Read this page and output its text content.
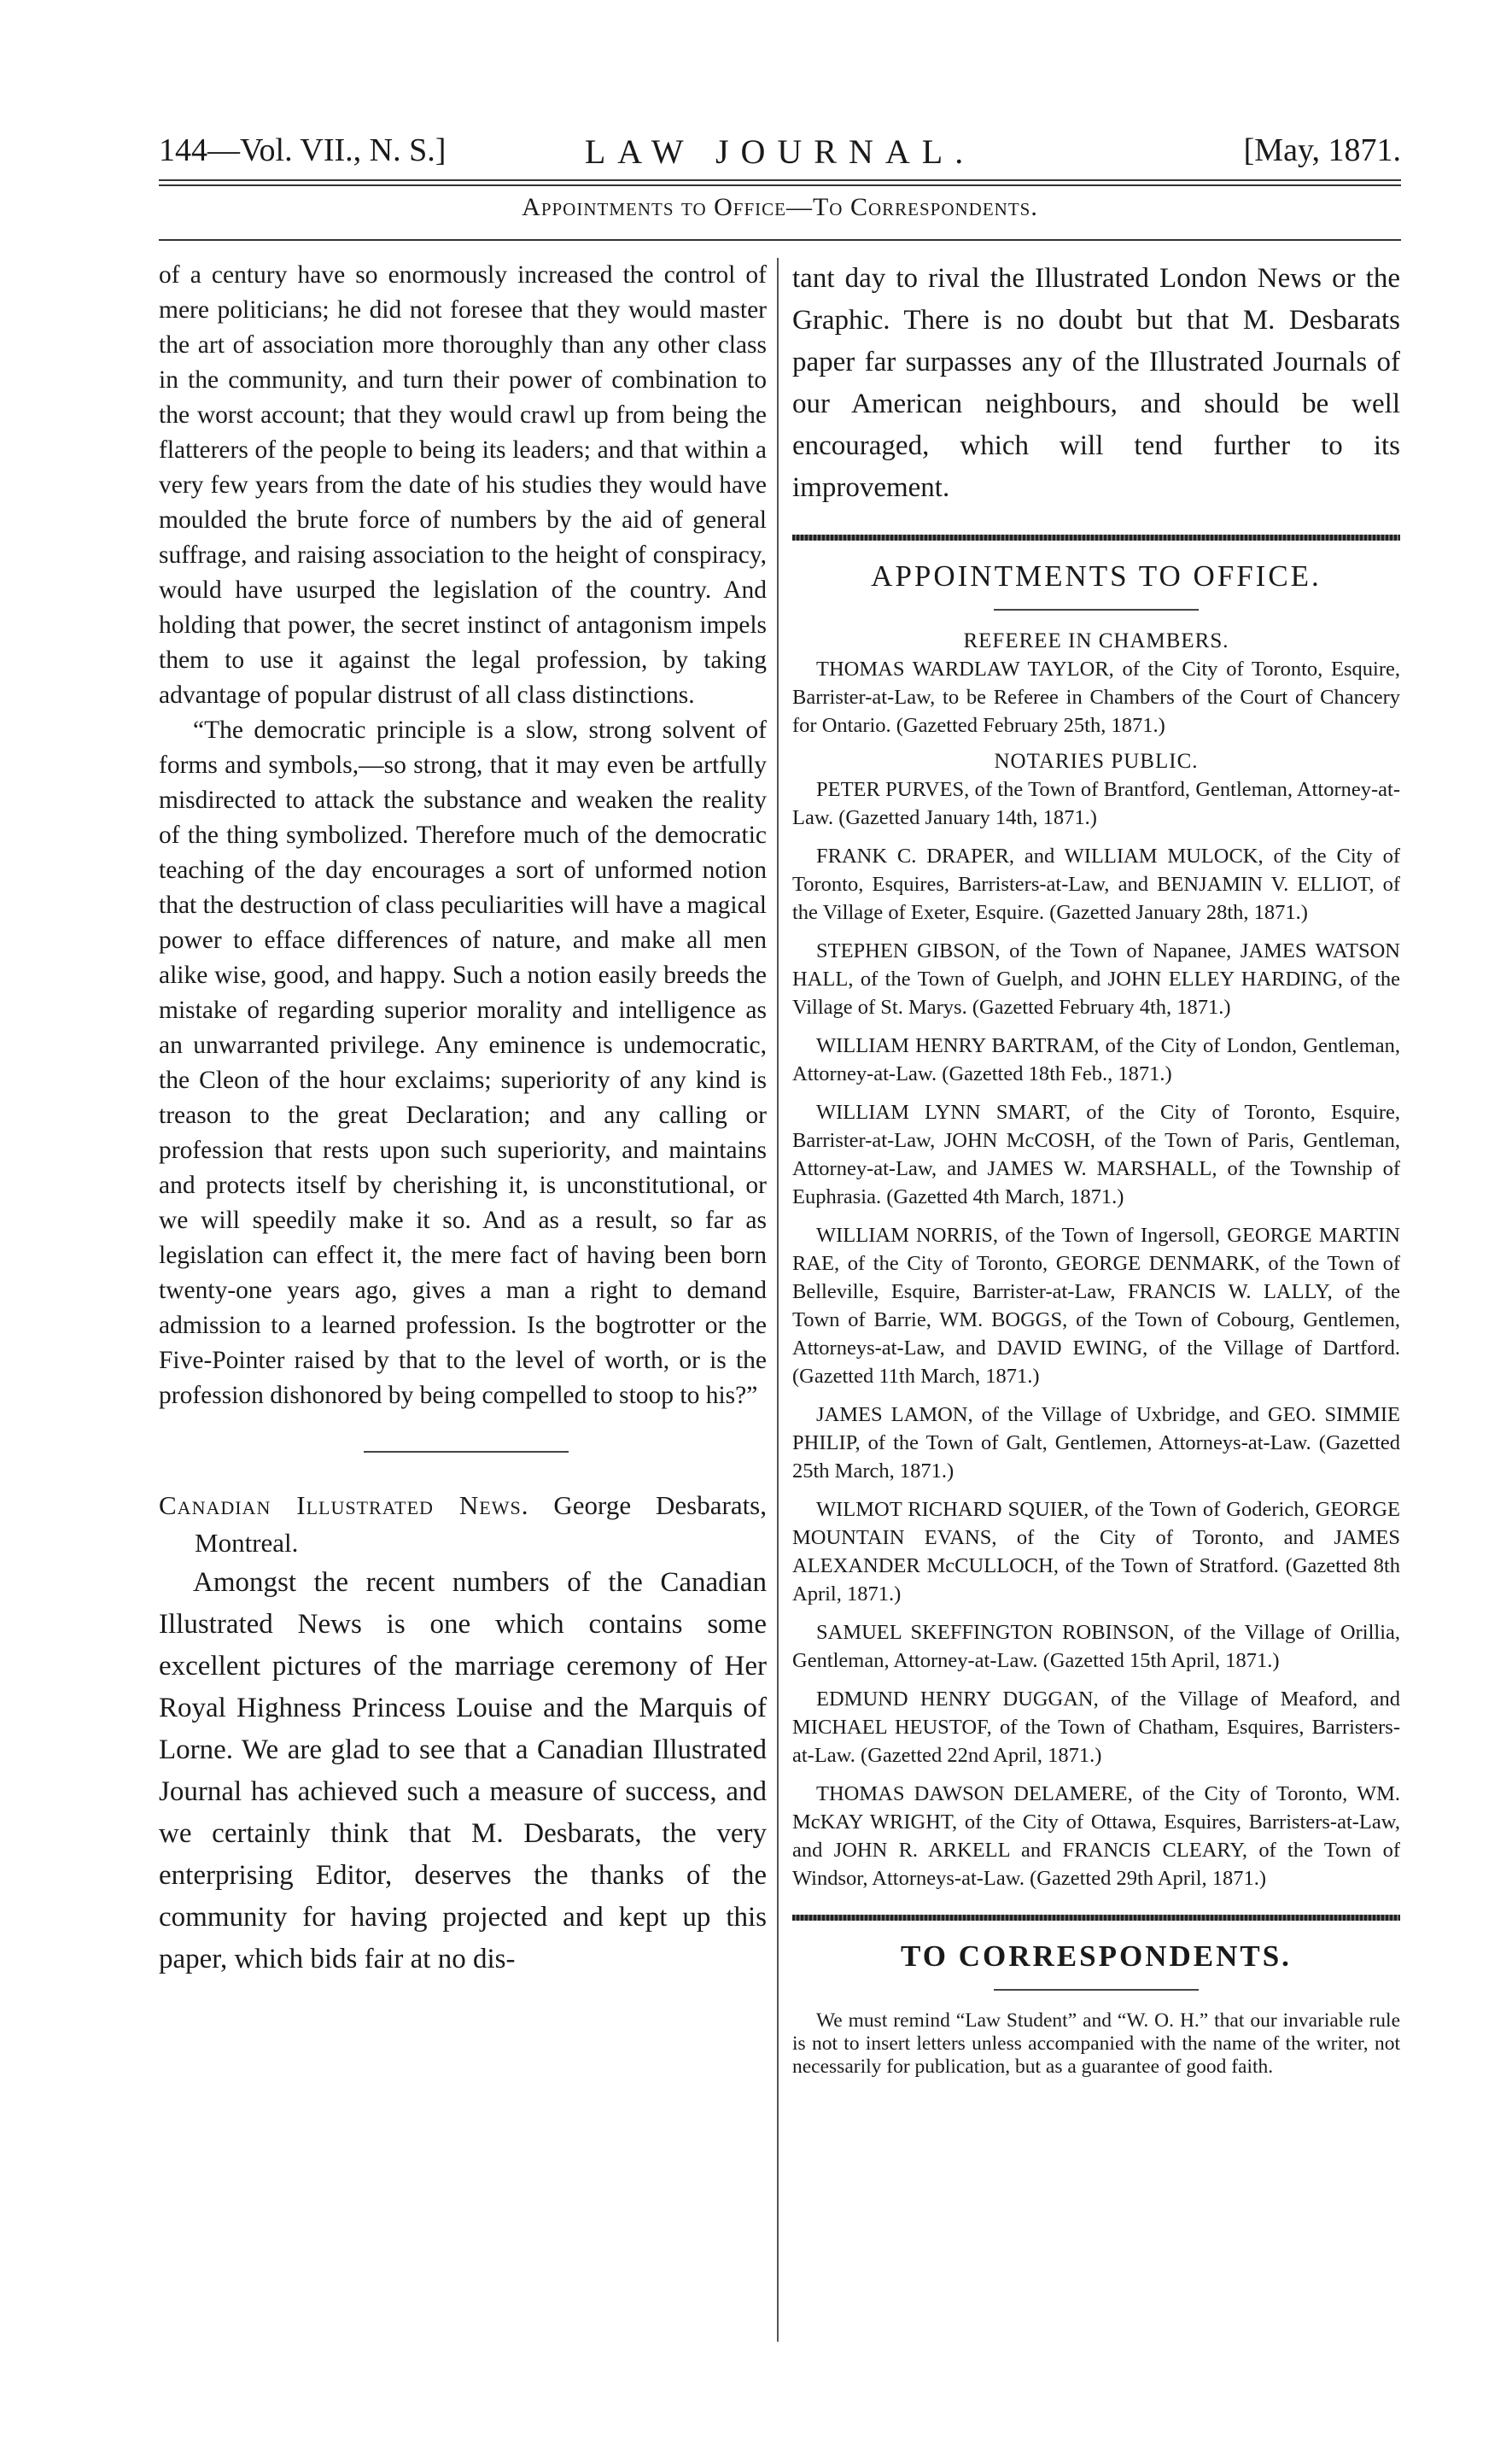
144—Vol. VII., N. S.]	LAW JOURNAL.	[May, 1871.
Appointments to Office—To Correspondents.

of a century have so enormously increased the control of mere politicians; he did not foresee that they would master the art of association more thoroughly than any other class in the community, and turn their power of combination to the worst account; that they would crawl up from being the flatterers of the people to being its leaders; and that within a very few years from the date of his studies they would have moulded the brute force of numbers by the aid of general suffrage, and raising association to the height of conspiracy, would have usurped the legislation of the country. And holding that power, the secret instinct of antagonism impels them to use it against the legal profession, by taking advantage of popular distrust of all class distinctions.

“The democratic principle is a slow, strong solvent of forms and symbols,—so strong, that it may even be artfully misdirected to attack the substance and weaken the reality of the thing symbolized. Therefore much of the democratic teaching of the day encourages a sort of unformed notion that the destruction of class peculiarities will have a magical power to efface differences of nature, and make all men alike wise, good, and happy. Such a notion easily breeds the mistake of regarding superior morality and intelligence as an unwarranted privilege. Any eminence is undemocratic, the Cleon of the hour exclaims; superiority of any kind is treason to the great Declaration; and any calling or profession that rests upon such superiority, and maintains and protects itself by cherishing it, is unconstitutional, or we will speedily make it so. And as a result, so far as legislation can effect it, the mere fact of having been born twenty-one years ago, gives a man a right to demand admission to a learned profession. Is the bogtrotter or the Five-Pointer raised by that to the level of worth, or is the profession dishonored by being compelled to stoop to his?”

Canadian Illustrated News. George Desbarats, Montreal.

Amongst the recent numbers of the Canadian Illustrated News is one which contains some excellent pictures of the marriage ceremony of Her Royal Highness Princess Louise and the Marquis of Lorne. We are glad to see that a Canadian Illustrated Journal has achieved such a measure of success, and we certainly think that M. Desbarats, the very enterprising Editor, deserves the thanks of the community for having projected and kept up this paper, which bids fair at no dis-

tant day to rival the Illustrated London News or the Graphic. There is no doubt but that M. Desbarats paper far surpasses any of the Illustrated Journals of our American neighbours, and should be well encouraged, which will tend further to its improvement.

APPOINTMENTS TO OFFICE.
REFEREE IN CHAMBERS.

THOMAS WARDLAW TAYLOR, of the City of Toronto, Esquire, Barrister-at-Law, to be Referee in Chambers of the Court of Chancery for Ontario. (Gazetted February 25th, 1871.)

NOTARIES PUBLIC.

PETER PURVES, of the Town of Brantford, Gentleman, Attorney-at-Law. (Gazetted January 14th, 1871.)

FRANK C. DRAPER, and WILLIAM MULOCK, of the City of Toronto, Esquires, Barristers-at-Law, and BENJAMIN V. ELLIOT, of the Village of Exeter, Esquire. (Gazetted January 28th, 1871.)

STEPHEN GIBSON, of the Town of Napanee, JAMES WATSON HALL, of the Town of Guelph, and JOHN ELLEY HARDING, of the Village of St. Marys. (Gazetted February 4th, 1871.)

WILLIAM HENRY BARTRAM, of the City of London, Gentleman, Attorney-at-Law. (Gazetted 18th Feb., 1871.)

WILLIAM LYNN SMART, of the City of Toronto, Esquire, Barrister-at-Law, JOHN McCOSH, of the Town of Paris, Gentleman, Attorney-at-Law, and JAMES W. MARSHALL, of the Township of Euphrasia. (Gazetted 4th March, 1871.)

WILLIAM NORRIS, of the Town of Ingersoll, GEORGE MARTIN RAE, of the City of Toronto, GEORGE DENMARK, of the Town of Belleville, Esquire, Barrister-at-Law, FRANCIS W. LALLY, of the Town of Barrie, WM. BOGGS, of the Town of Cobourg, Gentlemen, Attorneys-at-Law, and DAVID EWING, of the Village of Dartford. (Gazetted 11th March, 1871.)

JAMES LAMON, of the Village of Uxbridge, and GEO. SIMMIE PHILIP, of the Town of Galt, Gentlemen, Attorneys-at-Law. (Gazetted 25th March, 1871.)

WILMOT RICHARD SQUIER, of the Town of Goderich, GEORGE MOUNTAIN EVANS, of the City of Toronto, and JAMES ALEXANDER McCULLOCH, of the Town of Stratford. (Gazetted 8th April, 1871.)

SAMUEL SKEFFINGTON ROBINSON, of the Village of Orillia, Gentleman, Attorney-at-Law. (Gazetted 15th April, 1871.)

EDMUND HENRY DUGGAN, of the Village of Meaford, and MICHAEL HEUSTOF, of the Town of Chatham, Esquires, Barristers-at-Law. (Gazetted 22nd April, 1871.)

THOMAS DAWSON DELAMERE, of the City of Toronto, WM. McKAY WRIGHT, of the City of Ottawa, Esquires, Barristers-at-Law, and JOHN R. ARKELL and FRANCIS CLEARY, of the Town of Windsor, Attorneys-at-Law. (Gazetted 29th April, 1871.)

TO CORRESPONDENTS.

We must remind “Law Student” and “W. O. H.” that our invariable rule is not to insert letters unless accompanied with the name of the writer, not necessarily for publication, but as a guarantee of good faith.
